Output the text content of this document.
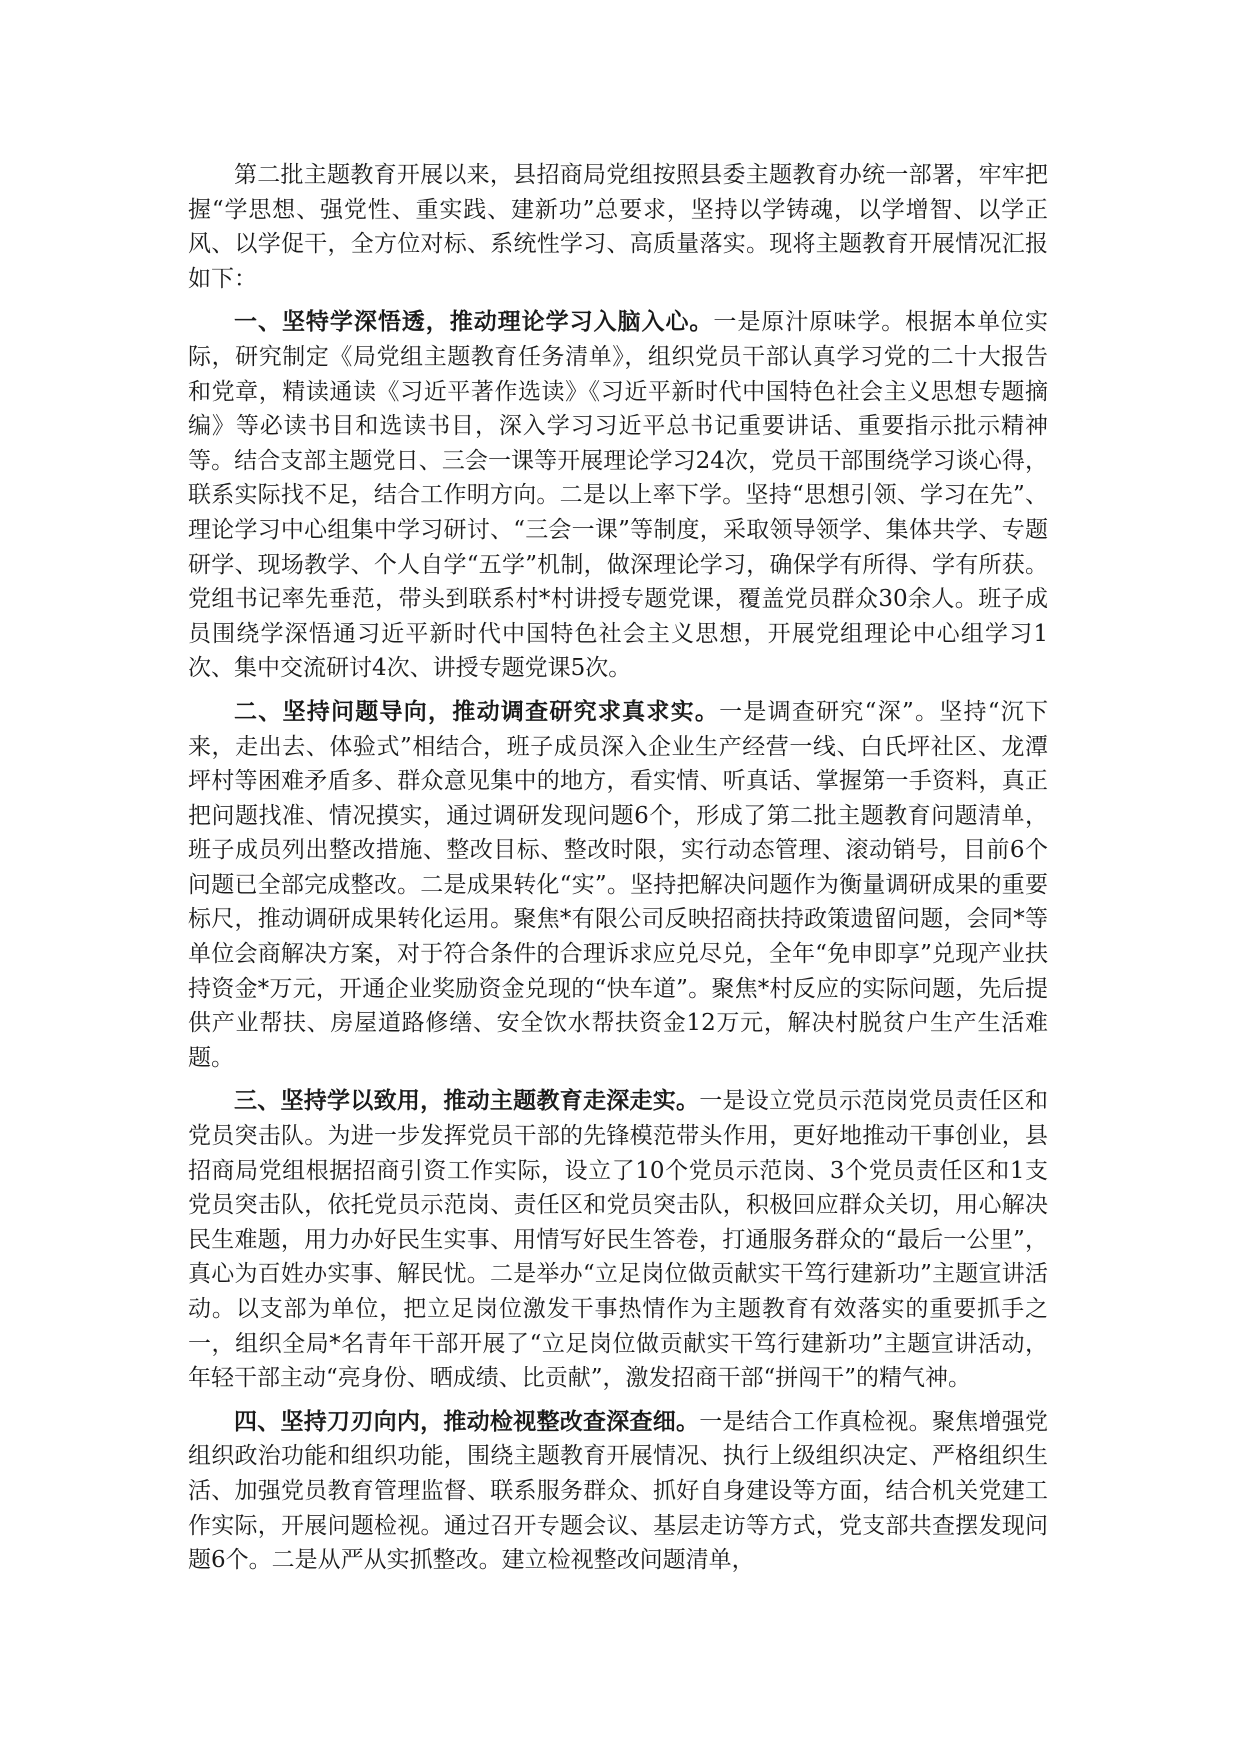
第二批主题教育开展以来，县招商局党组按照县委主题教育办统一部署，牢牢把握“学思想、强党性、重实践、建新功”总要求，坚持以学铸魂，以学增智、以学正风、以学促干，全方位对标、系统性学习、高质量落实。现将主题教育开展情况汇报如下：

一、坚特学深悟透，推动理论学习入脑入心。一是原汁原味学。根据本单位实际，研究制定《局党组主题教育任务清单》，组织党员干部认真学习党的二十大报告和党章，精读通读《习近平著作选读》《习近平新时代中国特色社会主义思想专题摘编》等必读书目和选读书目，深入学习习近平总书记重要讲话、重要指示批示精神等。结合支部主题党日、三会一课等开展理论学习24次，党员干部围绕学习谈心得，联系实际找不足，结合工作明方向。二是以上率下学。坚持“思想引领、学习在先”、理论学习中心组集中学习研讨、“三会一课”等制度，采取领导领学、集体共学、专题研学、现场教学、个人自学“五学”机制，做深理论学习，确保学有所得、学有所获。党组书记率先垂范，带头到联系村*村讲授专题党课，覆盖党员群众30余人。班子成员围绕学深悟通习近平新时代中国特色社会主义思想，开展党组理论中心组学习1次、集中交流研讨4次、讲授专题党课5次。

二、坚持问题导向，推动调查研究求真求实。一是调查研究“深”。坚持“沉下来，走出去、体验式”相结合，班子成员深入企业生产经营一线、白氏坪社区、龙潭坪村等困难矛盾多、群众意见集中的地方，看实情、听真话、掌握第一手资料，真正把问题找准、情况摸实，通过调研发现问题6个，形成了第二批主题教育问题清单，班子成员列出整改措施、整改目标、整改时限，实行动态管理、滚动销号，目前6个问题已全部完成整改。二是成果转化“实”。坚持把解决问题作为衡量调研成果的重要标尺，推动调研成果转化运用。聚焦*有限公司反映招商扶持政策遗留问题，会同*等单位会商解决方案，对于符合条件的合理诉求应兑尽兑，全年“免申即享”兑现产业扶持资金*万元，开通企业奖励资金兑现的“快车道”。聚焦*村反应的实际问题，先后提供产业帮扶、房屋道路修缮、安全饮水帮扶资金12万元，解决村脱贫户生产生活难题。

三、坚持学以致用，推动主题教育走深走实。一是设立党员示范岗党员责任区和党员突击队。为进一步发挥党员干部的先锋模范带头作用，更好地推动干事创业，县招商局党组根据招商引资工作实际，设立了10个党员示范岗、3个党员责任区和1支党员突击队，依托党员示范岗、责任区和党员突击队，积极回应群众关切，用心解决民生难题，用力办好民生实事、用情写好民生答卷，打通服务群众的“最后一公里”，真心为百姓办实事、解民忧。二是举办“立足岗位做贡献实干笃行建新功”主题宣讲活动。以支部为单位，把立足岗位激发干事热情作为主题教育有效落实的重要抓手之一，组织全局*名青年干部开展了“立足岗位做贡献实干笃行建新功”主题宣讲活动，年轻干部主动“亮身份、晒成绩、比贡献”，激发招商干部“拼闯干”的精气神。

四、坚持刀刃向内，推动检视整改查深查细。一是结合工作真检视。聚焦增强党组织政治功能和组织功能，围绕主题教育开展情况、执行上级组织决定、严格组织生活、加强党员教育管理监督、联系服务群众、抓好自身建设等方面，结合机关党建工作实际，开展问题检视。通过召开专题会议、基层走访等方式，党支部共查摆发现问题6个。二是从严从实抓整改。建立检视整改问题清单，
